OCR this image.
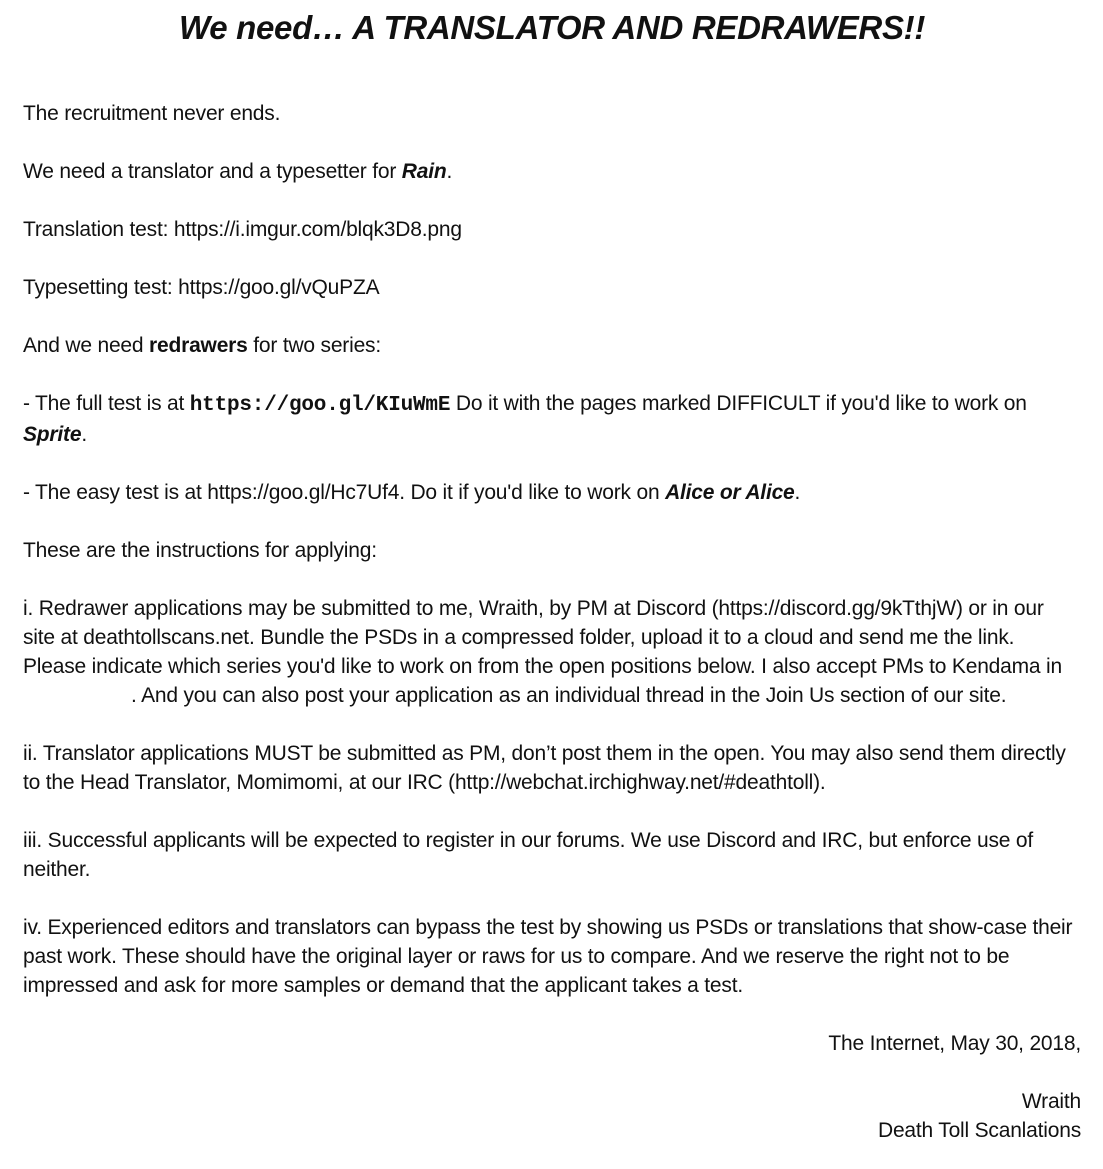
We need… A TRANSLATOR AND REDRAWERS!!

The recruitment never ends.

We need a translator and a typesetter for Rain.

Translation test: https://i.imgur.com/blqk3D8.png

Typesetting test: https://goo.gl/vQuPZA

And we need redrawers for two series:

- The full test is at https://goo.gl/KIuWmE Do it with the pages marked DIFFICULT if you'd like to work on Sprite.

- The easy test is at https://goo.gl/Hc7Uf4. Do it if you'd like to work on Alice or Alice.

These are the instructions for applying:

i. Redrawer applications may be submitted to me, Wraith, by PM at Discord (https://discord.gg/9kTthjW) or in our site at deathtollscans.net. Bundle the PSDs in a compressed folder, upload it to a cloud and send me the link. Please indicate which series you'd like to work on from the open positions below. I also accept PMs to Kendama in . And you can also post your application as an individual thread in the Join Us section of our site.

ii. Translator applications MUST be submitted as PM, don’t post them in the open. You may also send them directly to the Head Translator, Momimomi, at our IRC (http://webchat.irchighway.net/#deathtoll).

iii. Successful applicants will be expected to register in our forums. We use Discord and IRC, but enforce use of neither.

iv. Experienced editors and translators can bypass the test by showing us PSDs or translations that show-case their past work. These should have the original layer or raws for us to compare. And we reserve the right not to be impressed and ask for more samples or demand that the applicant takes a test.

The Internet, May 30, 2018,

Wraith

Death Toll Scanlations
